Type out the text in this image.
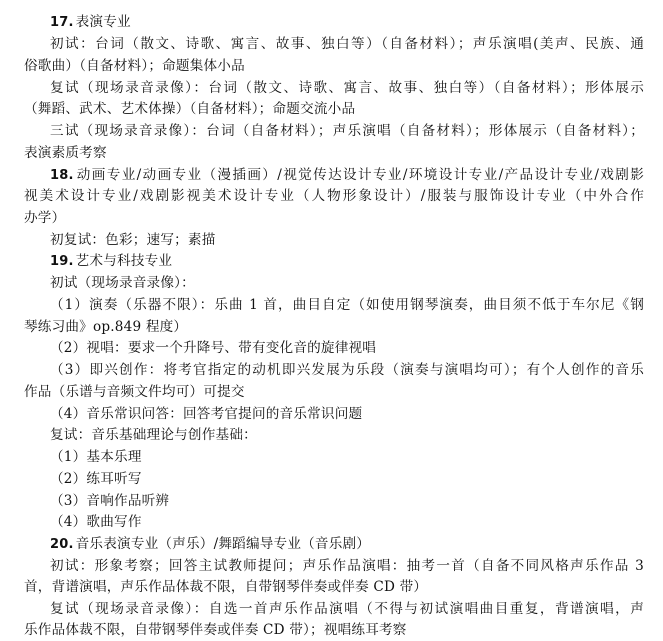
17. 表演专业
初试：台词（散文、诗歌、寓言、故事、独白等）（自备材料）；声乐演唱(美声、民族、通
俗歌曲）（自备材料）；命题集体小品
复试（现场录音录像）：台词（散文、诗歌、寓言、故事、独白等）（自备材料）；形体展示
（舞蹈、武术、艺术体操）（自备材料）；命题交流小品
三试（现场录音录像）：台词（自备材料）；声乐演唱（自备材料）；形体展示（自备材料）；
表演素质考察
18. 动画专业/动画专业（漫插画）/视觉传达设计专业/环境设计专业/产品设计专业/戏剧影
视美术设计专业/戏剧影视美术设计专业（人物形象设计）/服装与服饰设计专业（中外合作
办学）
初复试：色彩；速写；素描
19. 艺术与科技专业
初试（现场录音录像）：
（1）演奏（乐器不限）：乐曲 1 首，曲目自定（如使用钢琴演奏，曲目须不低于车尔尼《钢
琴练习曲》op.849 程度）
（2）视唱：要求一个升降号、带有变化音的旋律视唱
（3）即兴创作：将考官指定的动机即兴发展为乐段（演奏与演唱均可）；有个人创作的音乐
作品（乐谱与音频文件均可）可提交
（4）音乐常识问答：回答考官提问的音乐常识问题
复试：音乐基础理论与创作基础：
（1）基本乐理
（2）练耳听写
（3）音响作品听辨
（4）歌曲写作
20. 音乐表演专业（声乐）/舞蹈编导专业（音乐剧）
初试：形象考察；回答主试教师提问；声乐作品演唱：抽考一首（自备不同风格声乐作品 3
首，背谱演唱，声乐作品体裁不限，自带钢琴伴奏或伴奏 CD 带）
复试（现场录音录像）：自选一首声乐作品演唱（不得与初试演唱曲目重复，背谱演唱，声
乐作品体裁不限，自带钢琴伴奏或伴奏 CD 带）；视唱练耳考察
